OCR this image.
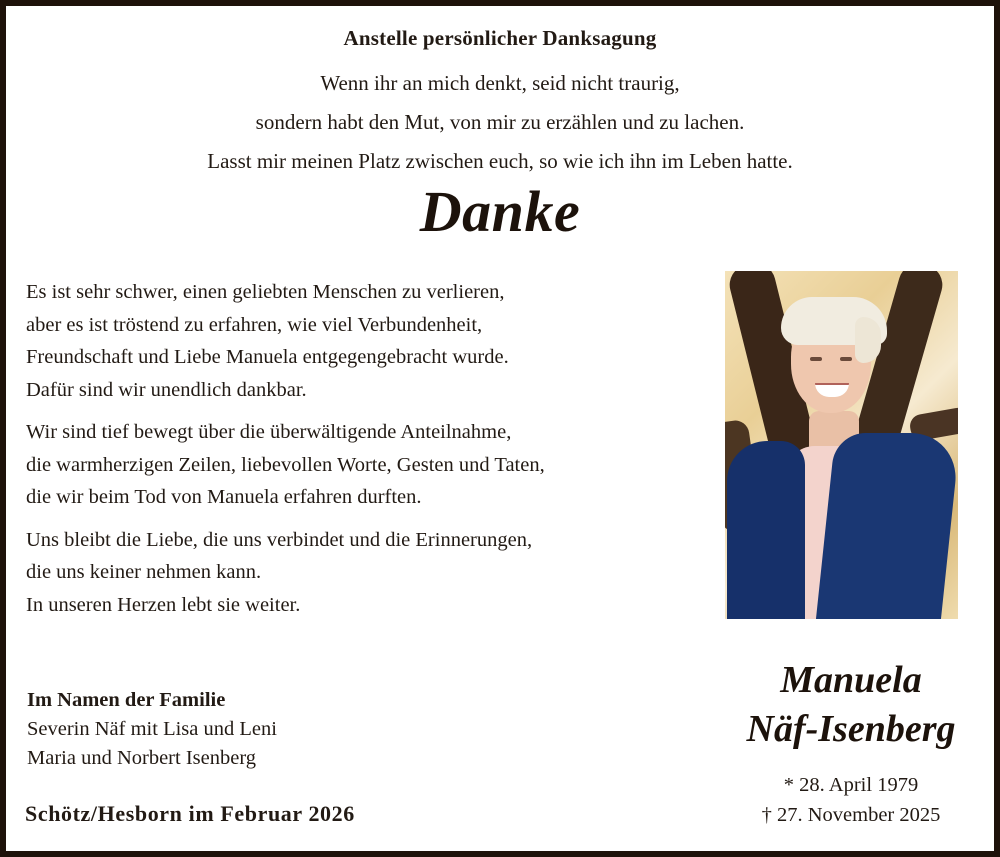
Anstelle persönlicher Danksagung
Wenn ihr an mich denkt, seid nicht traurig,
sondern habt den Mut, von mir zu erzählen und zu lachen.
Lasst mir meinen Platz zwischen euch, so wie ich ihn im Leben hatte.
Danke

Es ist sehr schwer, einen geliebten Menschen zu verlieren,
aber es ist tröstend zu erfahren, wie viel Verbundenheit,
Freundschaft und Liebe Manuela entgegengebracht wurde.
Dafür sind wir unendlich dankbar.

Wir sind tief bewegt über die überwältigende Anteilnahme,
die warmherzigen Zeilen, liebevollen Worte, Gesten und Taten,
die wir beim Tod von Manuela erfahren durften.

Uns bleibt die Liebe, die uns verbindet und die Erinnerungen,
die uns keiner nehmen kann.
In unseren Herzen lebt sie weiter.

Im Namen der Familie
Severin Näf mit Lisa und Leni
Maria und Norbert Isenberg
Schötz/Hesborn im Februar 2026
Manuela
Näf-Isenberg
* 28. April 1979
† 27. November 2025
